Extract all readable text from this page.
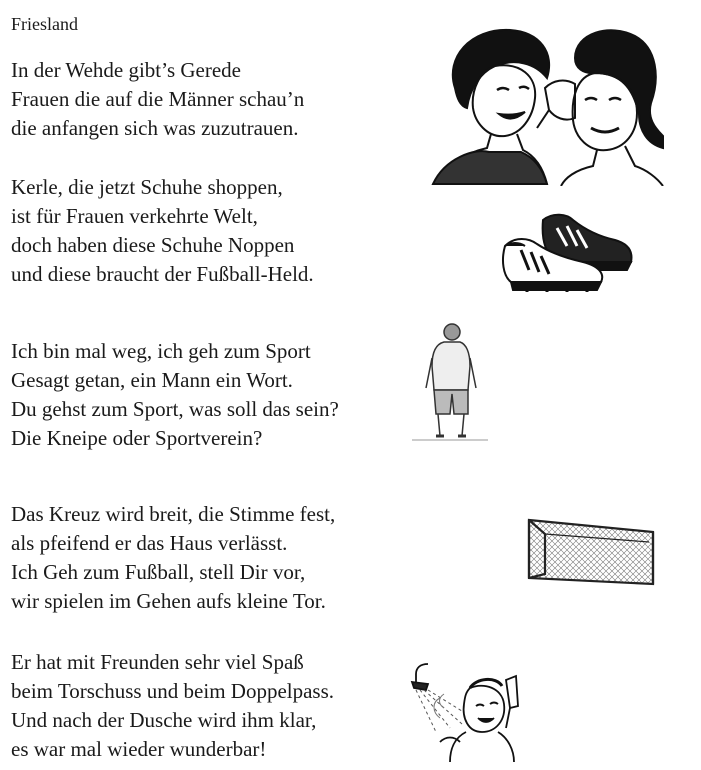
Friesland
In der Wehde gibt’s Gerede
Frauen die auf die Männer schau’n
die anfangen sich was zuzutrauen.
Kerle, die jetzt Schuhe shoppen,
ist für Frauen verkehrte Welt,
doch haben diese Schuhe Noppen
und diese braucht der Fußball-Held.
Ich bin mal weg, ich geh zum Sport
Gesagt getan, ein Mann ein Wort.
Du gehst zum Sport, was soll das sein?
Die Kneipe oder Sportverein?
Das Kreuz wird breit, die Stimme fest,
als pfeifend er das Haus verlässt.
Ich Geh zum Fußball, stell Dir vor,
wir spielen im Gehen aufs kleine Tor.
Er hat mit Freunden sehr viel Spaß
beim Torschuss und beim Doppelpass.
Und nach der Dusche wird ihm klar,
es war mal wieder wunderbar!
